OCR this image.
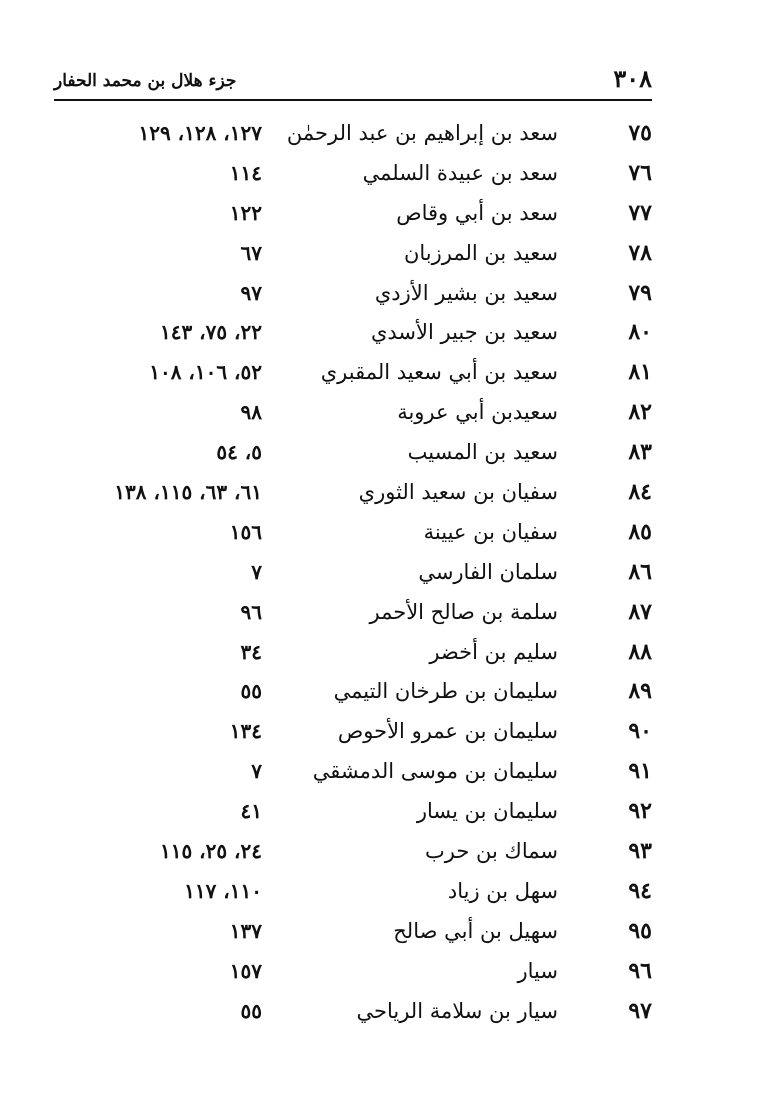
٣٠٨
جزء هلال بن محمد الحفار
٧٥
سعد بن إبراهيم بن عبد الرحمٰن
١٢٧، ١٢٨، ١٢٩
٧٦
سعد بن عبيدة السلمي
١١٤
٧٧
سعد بن أبي وقاص
١٢٢
٧٨
سعيد بن المرزبان
٦٧
٧٩
سعيد بن بشير الأزدي
٩٧
٨٠
سعيد بن جبير الأسدي
٢٢، ٧٥، ١٤٣
٨١
سعيد بن أبي سعيد المقبري
٥٢، ١٠٦، ١٠٨
٨٢
سعيدبن أبي عروبة
٩٨
٨٣
سعيد بن المسيب
٥، ٥٤
٨٤
سفيان بن سعيد الثوري
٦١، ٦٣، ١١٥، ١٣٨
٨٥
سفيان بن عيينة
١٥٦
٨٦
سلمان الفارسي
٧
٨٧
سلمة بن صالح الأحمر
٩٦
٨٨
سليم بن أخضر
٣٤
٨٩
سليمان بن طرخان التيمي
٥٥
٩٠
سليمان بن عمرو الأحوص
١٣٤
٩١
سليمان بن موسى الدمشقي
٧
٩٢
سليمان بن يسار
٤١
٩٣
سماك بن حرب
٢٤، ٢٥، ١١٥
٩٤
سهل بن زياد
١١٠، ١١٧
٩٥
سهيل بن أبي صالح
١٣٧
٩٦
سيار
١٥٧
٩٧
سيار بن سلامة الرياحي
٥٥
